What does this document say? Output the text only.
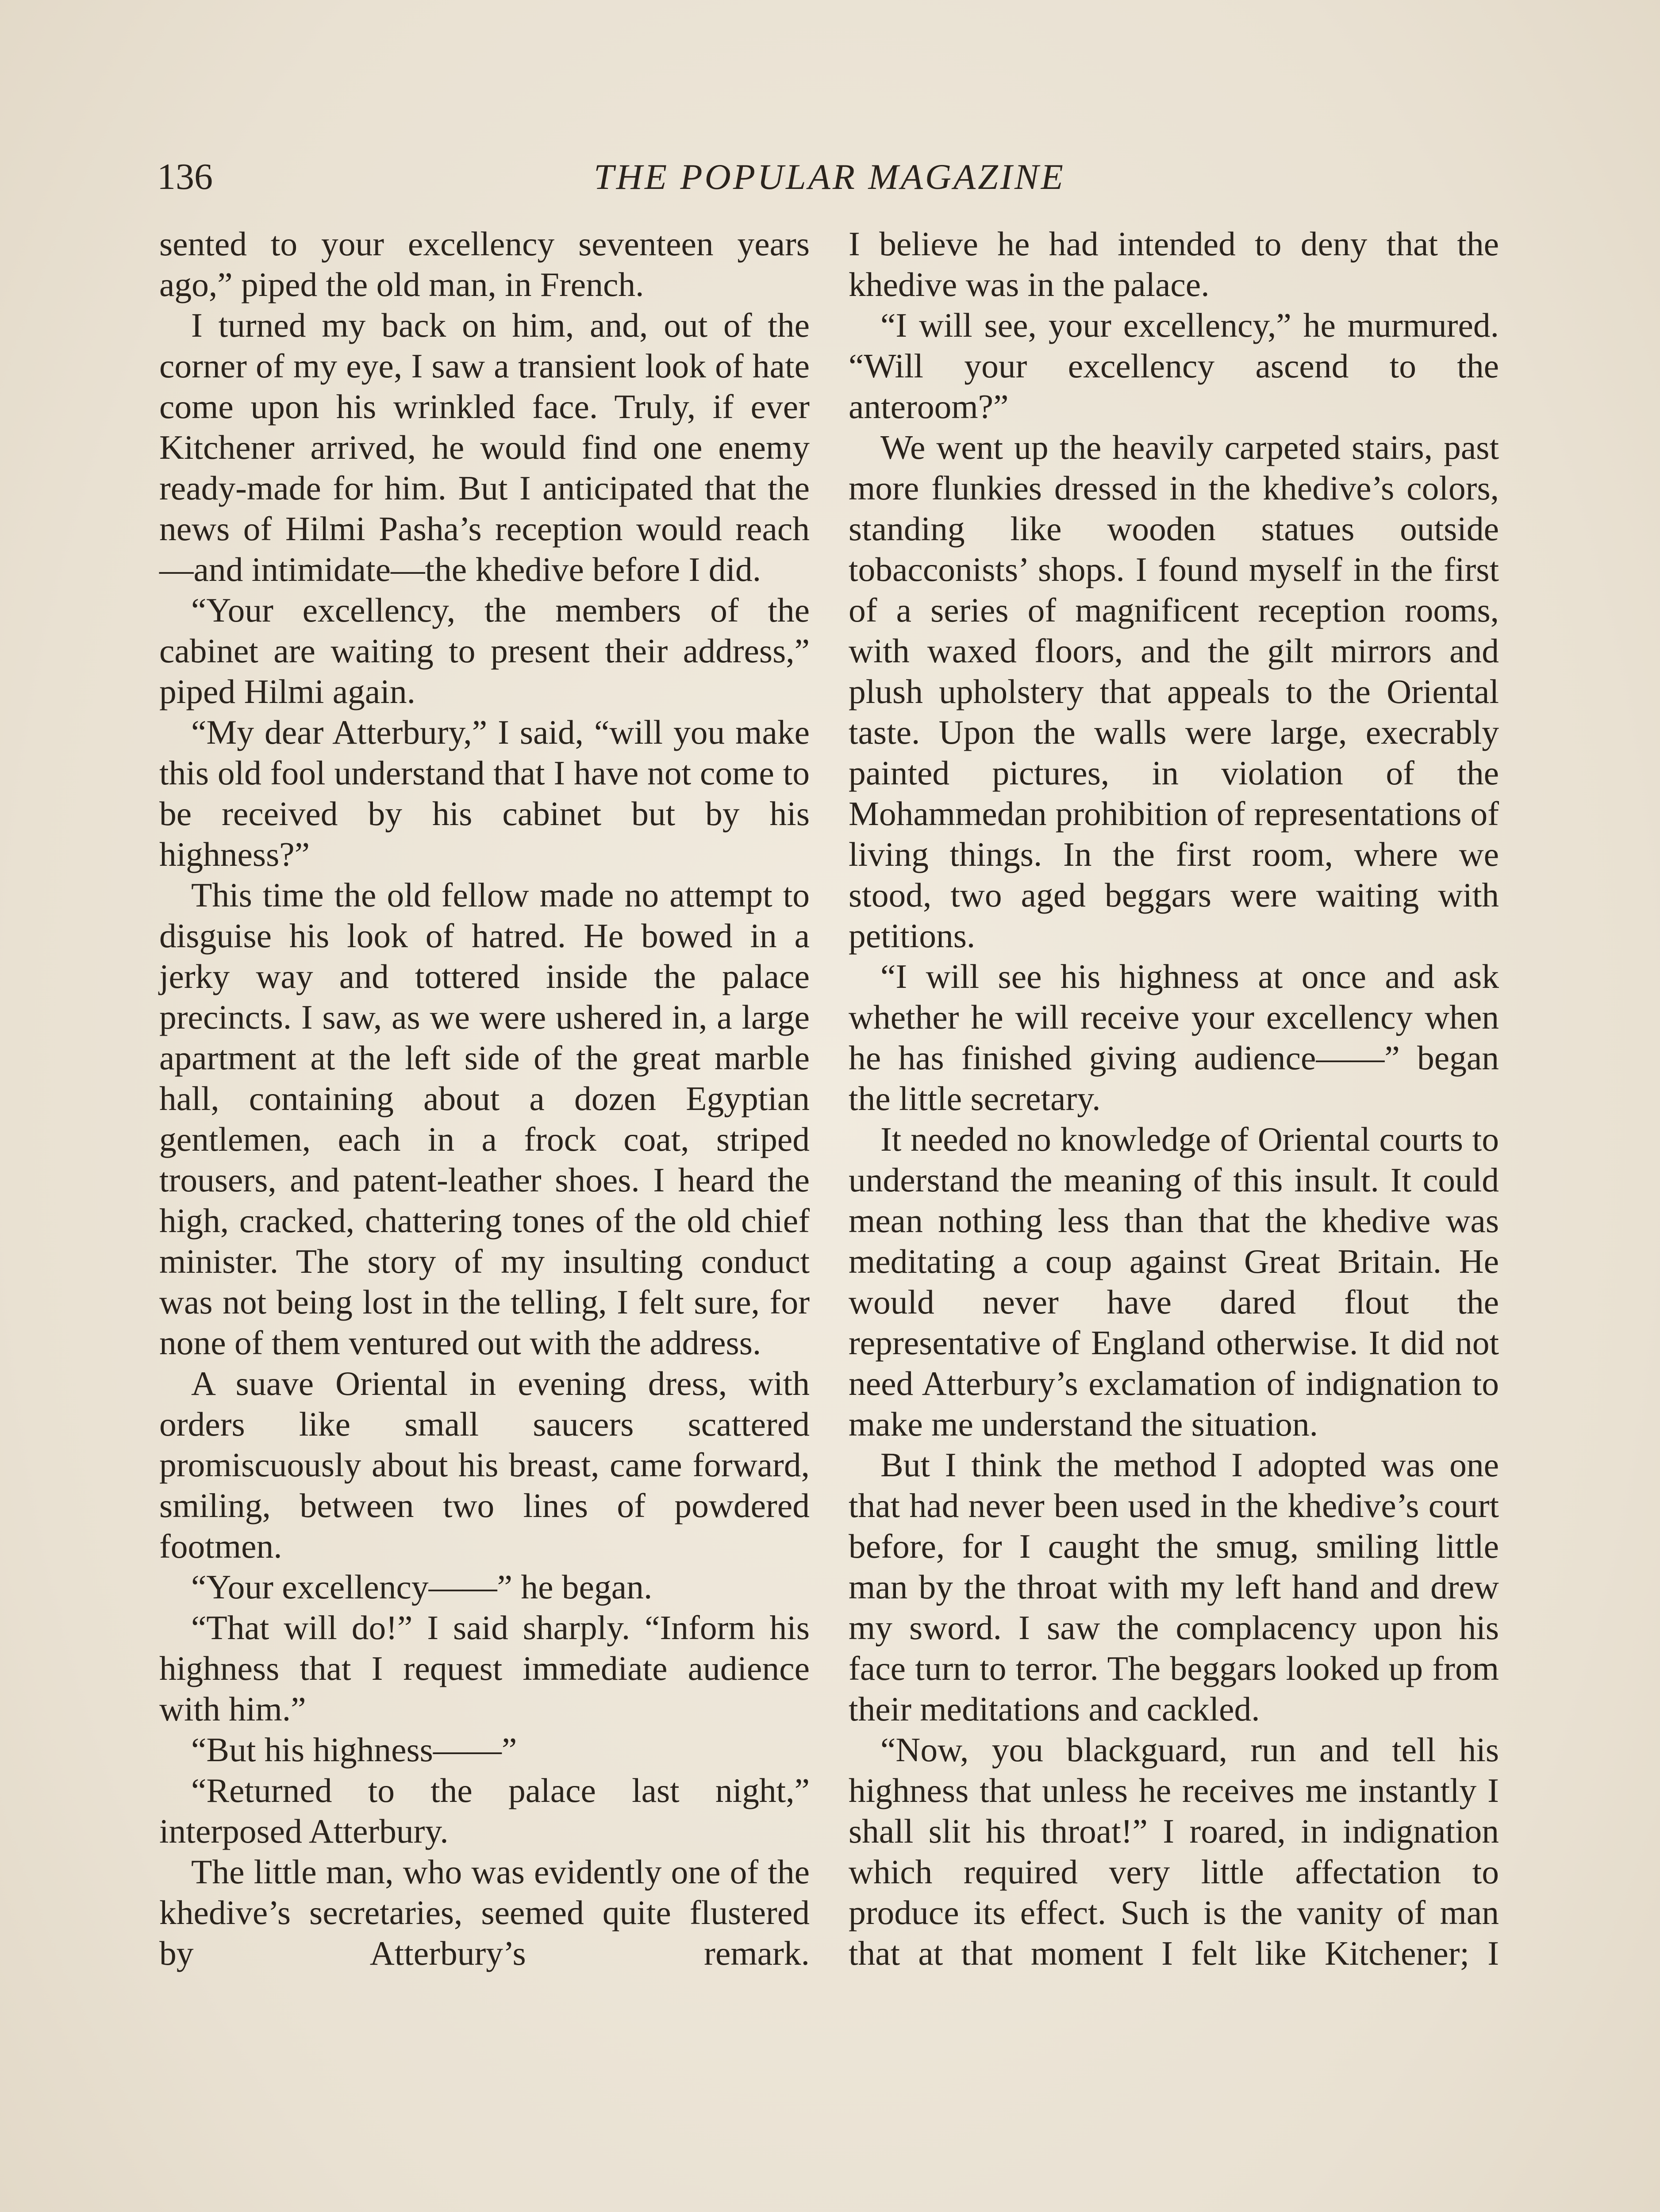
136	THE POPULAR MAGAZINE

sented to your excellency seventeen years ago,” piped the old man, in French.

I turned my back on him, and, out of the corner of my eye, I saw a transient look of hate come upon his wrinkled face. Truly, if ever Kitchener arrived, he would find one enemy ready-made for him. But I anticipated that the news of Hilmi Pasha’s reception would reach—and intimidate—the khedive before I did.

“Your excellency, the members of the cabinet are waiting to present their address,” piped Hilmi again.

“My dear Atterbury,” I said, “will you make this old fool understand that I have not come to be received by his cabinet but by his highness?”

This time the old fellow made no attempt to disguise his look of hatred. He bowed in a jerky way and tottered inside the palace precincts. I saw, as we were ushered in, a large apartment at the left side of the great marble hall, containing about a dozen Egyptian gentlemen, each in a frock coat, striped trousers, and patent-leather shoes. I heard the high, cracked, chattering tones of the old chief minister. The story of my insulting conduct was not being lost in the telling, I felt sure, for none of them ventured out with the address.

A suave Oriental in evening dress, with orders like small saucers scattered promiscuously about his breast, came forward, smiling, between two lines of powdered footmen.

“Your excellency——” he began.

“That will do!” I said sharply. “Inform his highness that I request immediate audience with him.”

“But his highness——”

“Returned to the palace last night,” interposed Atterbury.

The little man, who was evidently one of the khedive’s secretaries, seemed quite flustered by Atterbury’s remark.

I believe he had intended to deny that the khedive was in the palace.

“I will see, your excellency,” he murmured. “Will your excellency ascend to the anteroom?”

We went up the heavily carpeted stairs, past more flunkies dressed in the khedive’s colors, standing like wooden statues outside tobacconists’ shops. I found myself in the first of a series of magnificent reception rooms, with waxed floors, and the gilt mirrors and plush upholstery that appeals to the Oriental taste. Upon the walls were large, execrably painted pictures, in violation of the Mohammedan prohibition of representations of living things. In the first room, where we stood, two aged beggars were waiting with petitions.

“I will see his highness at once and ask whether he will receive your excellency when he has finished giving audience——” began the little secretary.

It needed no knowledge of Oriental courts to understand the meaning of this insult. It could mean nothing less than that the khedive was meditating a coup against Great Britain. He would never have dared flout the representative of England otherwise. It did not need Atterbury’s exclamation of indignation to make me understand the situation.

But I think the method I adopted was one that had never been used in the khedive’s court before, for I caught the smug, smiling little man by the throat with my left hand and drew my sword. I saw the complacency upon his face turn to terror. The beggars looked up from their meditations and cackled.

“Now, you blackguard, run and tell his highness that unless he receives me instantly I shall slit his throat!” I roared, in indignation which required very little affectation to produce its effect. Such is the vanity of man that at that moment I felt like Kitchener; I
